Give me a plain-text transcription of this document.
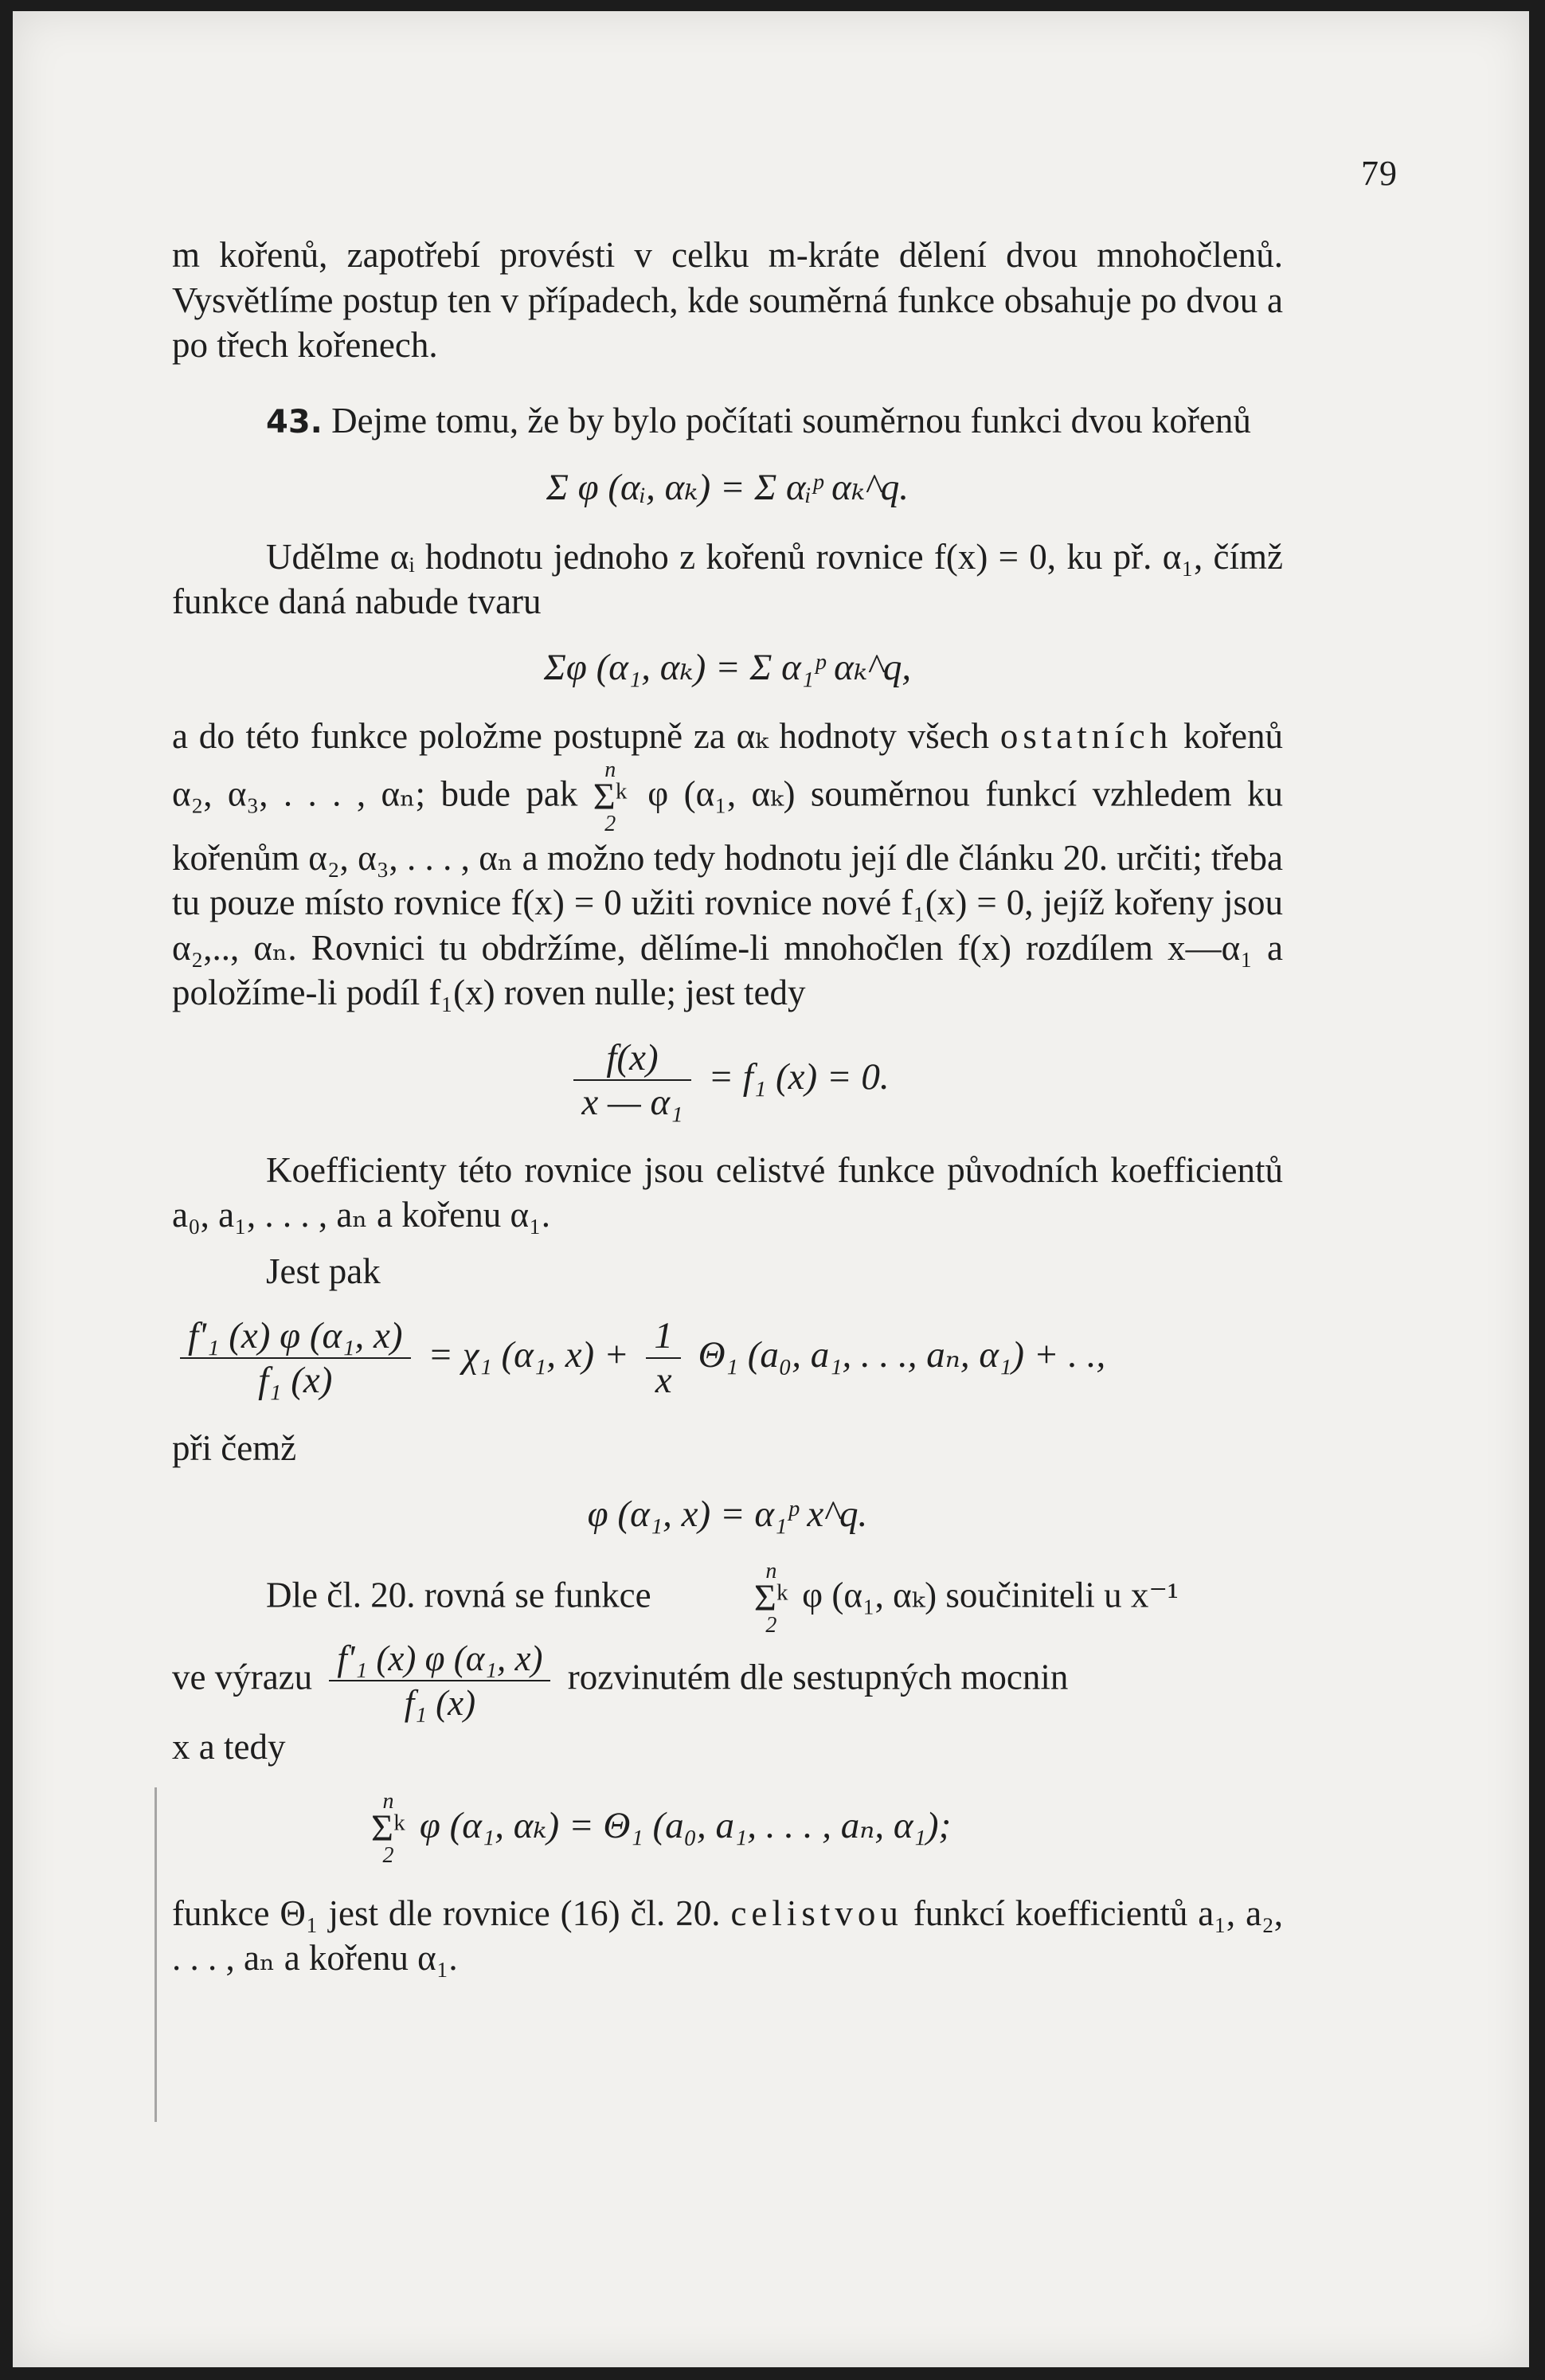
79

m kořenů, zapotřebí provésti v celku m-kráte dělení dvou mnohočlenů. Vysvětlíme postup ten v případech, kde souměrná funkce obsahuje po dvou a po třech kořenech.

43. Dejme tomu, že by bylo počítati souměrnou funkci dvou kořenů

Σ φ (αᵢ, αₖ) = Σ αᵢᵖ αₖ^q.

Udělme αᵢ hodnotu jednoho z kořenů rovnice f(x) = 0, ku př. α₁, čímž funkce daná nabude tvaru

Σφ (α₁, αₖ) = Σ α₁ᵖ αₖ^q,

a do této funkce položme postupně za αₖ hodnoty všech ostatních kořenů α₂, α₃, . . . , αₙ; bude pak
n
Σᵏ
2
φ (α₁, αₖ) souměrnou funkcí vzhledem ku kořenům α₂, α₃, . . . , αₙ a možno tedy hodnotu její dle článku 20. určiti; třeba tu pouze místo rovnice f(x) = 0 užiti rovnice nové f₁(x) = 0, jejíž kořeny jsou α₂,.., αₙ. Rovnici tu obdržíme, dělíme-li mnohočlen f(x) rozdílem x—α₁ a položíme-li podíl f₁(x) roven nulle; jest tedy

$\frac{f(x)}{\text{x — α₁}} = f_1$ (x) = 0.

Koefficienty této rovnice jsou celistvé funkce původních koefficientů a₀, a₁, . . . , aₙ a kořenu α₁.

Jest pak

$\frac{\text{f'₁ (x) φ (α₁, x)}}{\text{f₁ (x)}} = \chi_1$ (α₁, $x) + \frac{1}{x} \Theta_1$ (a₀, a₁, . . ., aₙ, α₁) + . .,

při čemž

φ (α₁, x) = α₁ᵖ x^q.

Dle čl. 20. rovná se funkce
n
Σᵏ
2
φ (α₁, αₖ) součiniteli u x⁻¹

ve výrazu $\frac{\text{f'₁ (x) φ (α₁, x)}}{\text{f₁ (x)}}$ rozvinutém dle sestupných mocnin

x a tedy

n
Σᵏ
2
φ (α₁, αₖ) = Θ₁ (a₀, a₁, . . . , aₙ, α₁);

funkce Θ₁ jest dle rovnice (16) čl. 20. celistvou funkcí koefficientů a₁, a₂, . . . , aₙ a kořenu α₁.
